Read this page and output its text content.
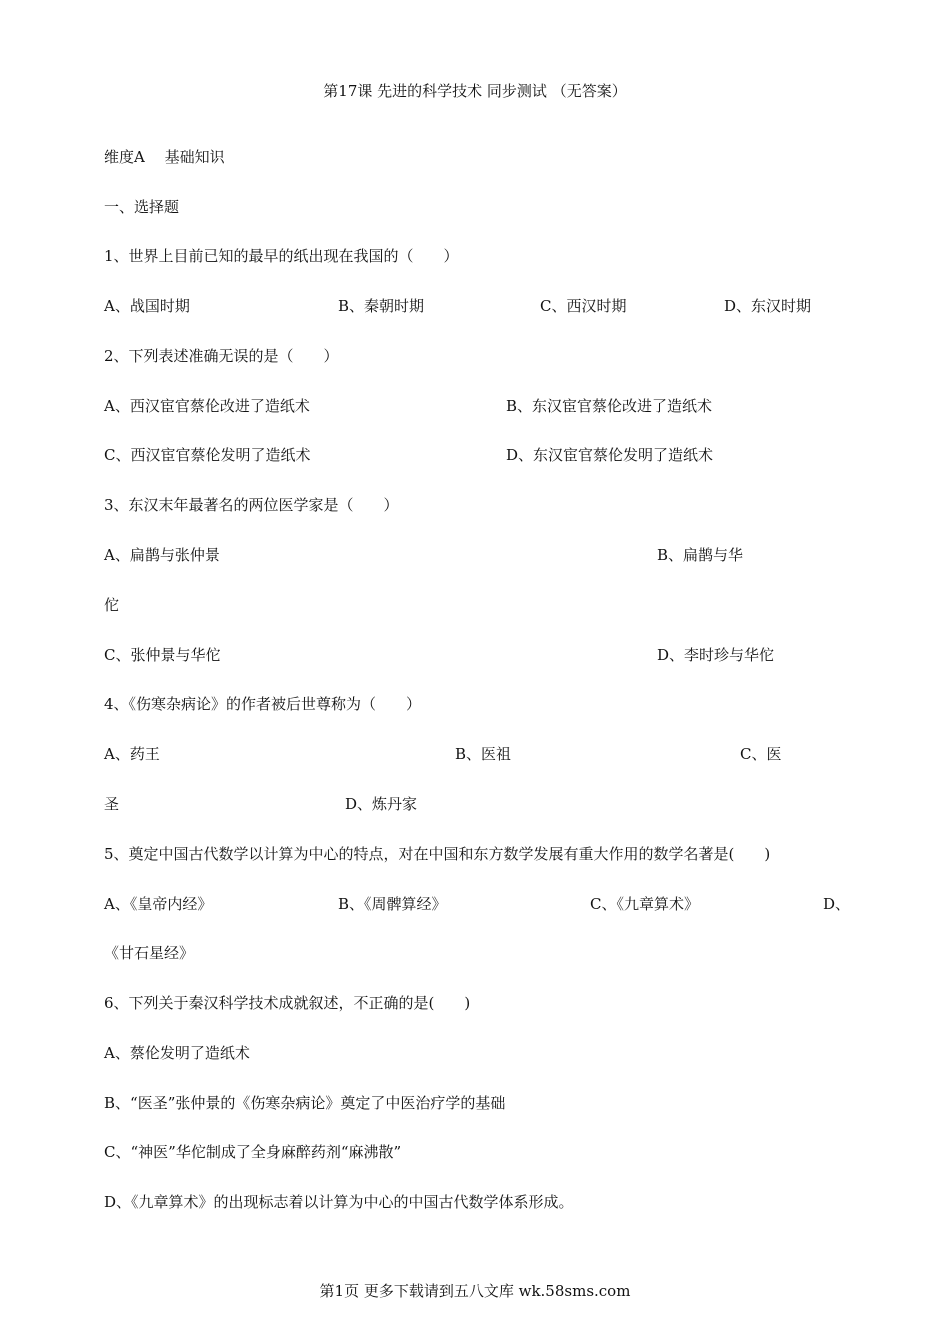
第17课 先进的科学技术 同步测试 （无答案）
维度A　 基础知识
一、选择题
1、世界上目前已知的最早的纸出现在我国的（　　）
A、战国时期	B、秦朝时期	C、西汉时期	D、东汉时期
2、下列表述准确无误的是（　　）
A、西汉宦官蔡伦改进了造纸术	B、东汉宦官蔡伦改进了造纸术
C、西汉宦官蔡伦发明了造纸术	D、东汉宦官蔡伦发明了造纸术
3、东汉末年最著名的两位医学家是（　　）
A、扁鹊与张仲景	B、扁鹊与华
佗
C、张仲景与华佗	D、李时珍与华佗
4、《伤寒杂病论》的作者被后世尊称为（　　）
A、药王	B、医祖	C、医
圣	D、炼丹家
5、奠定中国古代数学以计算为中心的特点，对在中国和东方数学发展有重大作用的数学名著是(　　)
A、《皇帝内经》	B、《周髀算经》	C、《九章算术》	D、
《甘石星经》
6、下列关于秦汉科学技术成就叙述，不正确的是(　　)
A、蔡伦发明了造纸术
B、“医圣”张仲景的《伤寒杂病论》奠定了中医治疗学的基础
C、“神医”华佗制成了全身麻醉药剂“麻沸散”
D、《九章算术》的出现标志着以计算为中心的中国古代数学体系形成。
第1页 更多下载请到五八文库 wk.58sms.com
